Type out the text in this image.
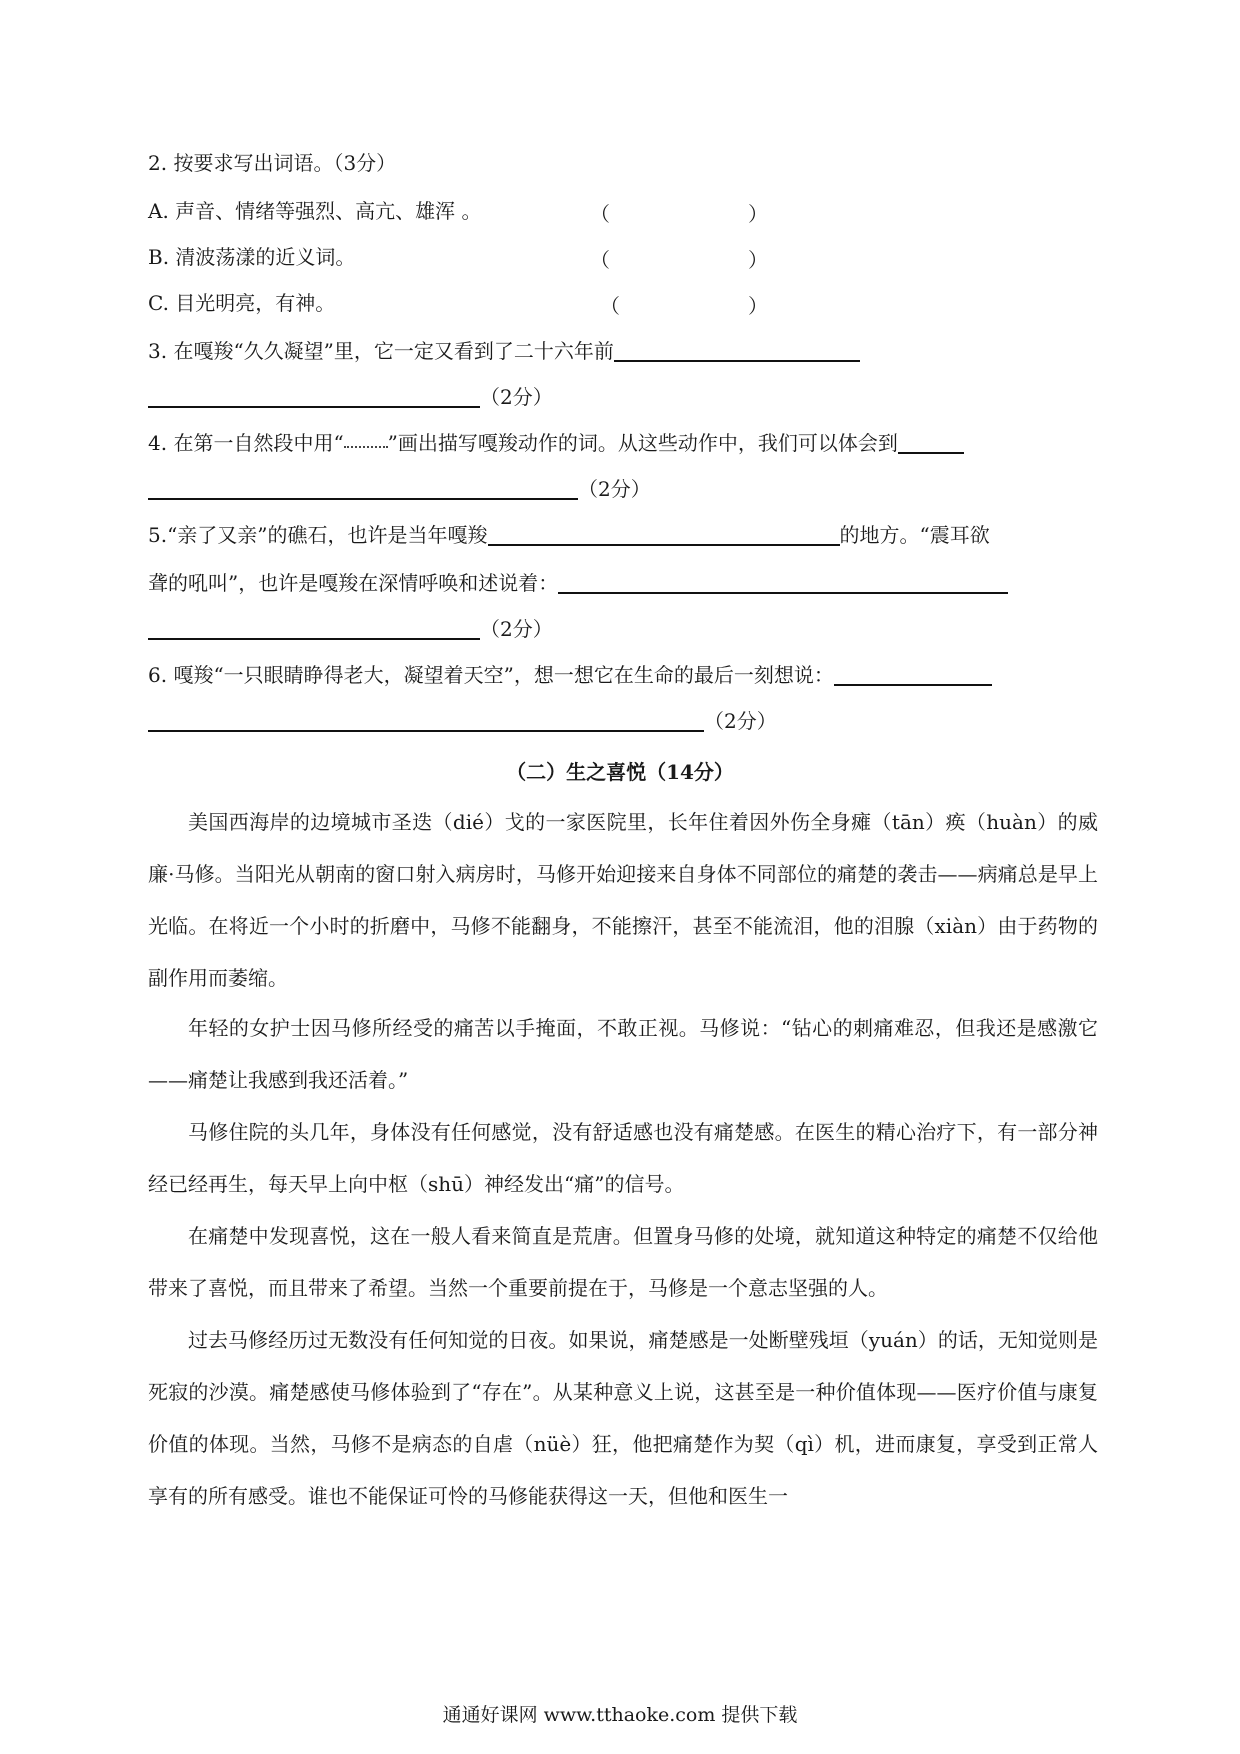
2. 按要求写出词语。（3分）
A. 声音、情绪等强烈、高亢、雄浑 。	（	）
B. 清波荡漾的近义词。	（	）
C. 目光明亮，有神。	（	）
3. 在嘎羧“久久凝望”里，它一定又看到了二十六年前
（2分）
4. 在第一自然段中用“ ”画出描写嘎羧动作的词。从这些动作中，我们可以体会到
（2分）
5.“亲了又亲”的礁石，也许是当年嘎羧	的地方。“震耳欲
聋的吼叫”，也许是嘎羧在深情呼唤和述说着：
（2分）
6. 嘎羧“一只眼睛睁得老大，凝望着天空”，想一想它在生命的最后一刻想说：
（2分）
（二）生之喜悦（14分）
美国西海岸的边境城市圣迭（dié）戈的一家医院里，长年住着因外伤全身瘫（tān）痪（huàn）的威廉·马修。当阳光从朝南的窗口射入病房时，马修开始迎接来自身体不同部位的痛楚的袭击——病痛总是早上光临。在将近一个小时的折磨中，马修不能翻身，不能擦汗，甚至不能流泪，他的泪腺（xiàn）由于药物的副作用而萎缩。
年轻的女护士因马修所经受的痛苦以手掩面，不敢正视。马修说：“钻心的刺痛难忍，但我还是感激它——痛楚让我感到我还活着。”
马修住院的头几年，身体没有任何感觉，没有舒适感也没有痛楚感。在医生的精心治疗下，有一部分神经已经再生，每天早上向中枢（shū）神经发出“痛”的信号。
在痛楚中发现喜悦，这在一般人看来简直是荒唐。但置身马修的处境，就知道这种特定的痛楚不仅给他带来了喜悦，而且带来了希望。当然一个重要前提在于，马修是一个意志坚强的人。
过去马修经历过无数没有任何知觉的日夜。如果说，痛楚感是一处断壁残垣（yuán）的话，无知觉则是死寂的沙漠。痛楚感使马修体验到了“存在”。从某种意义上说，这甚至是一种价值体现——医疗价值与康复价值的体现。当然，马修不是病态的自虐（nüè）狂，他把痛楚作为契（qì）机，进而康复，享受到正常人享有的所有感受。谁也不能保证可怜的马修能获得这一天，但他和医生一
通通好课网 www.tthaoke.com 提供下载
